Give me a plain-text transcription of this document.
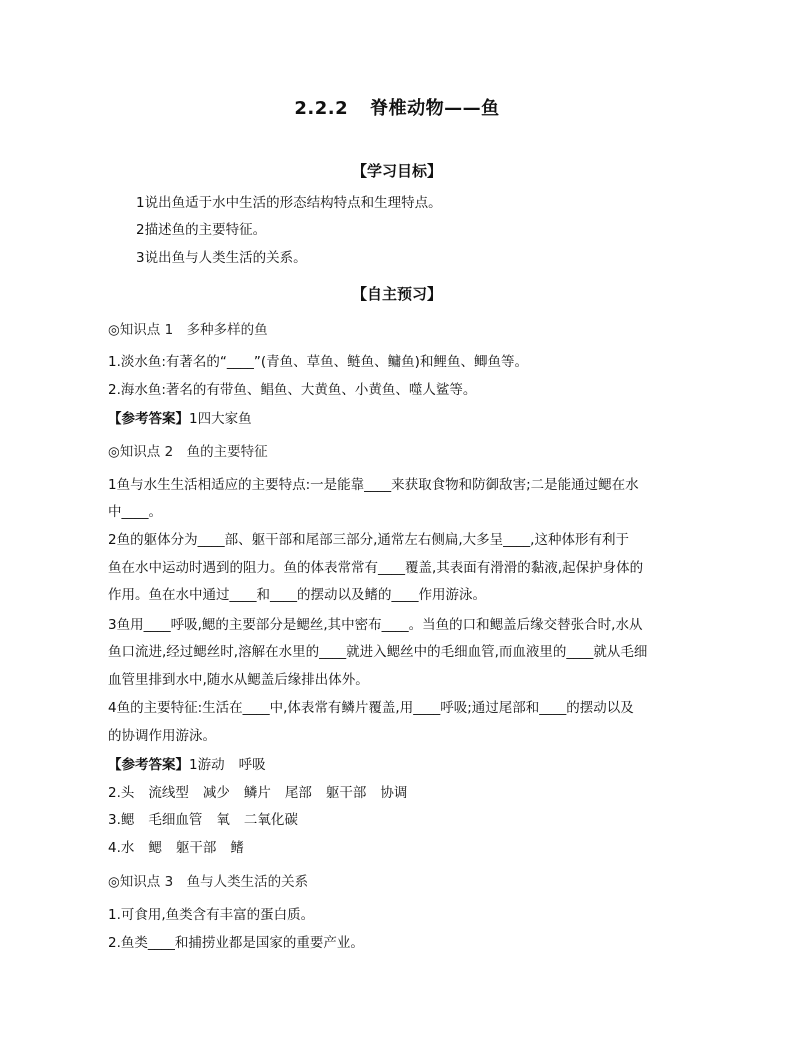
2.2.2 脊椎动物——鱼
【学习目标】
1说出鱼适于水中生活的形态结构特点和生理特点。
2描述鱼的主要特征。
3说出鱼与人类生活的关系。
【自主预习】
◎知识点 1　多种多样的鱼
1.淡水鱼:有著名的“____”(青鱼、草鱼、鲢鱼、鳙鱼)和鲤鱼、鲫鱼等。
2.海水鱼:著名的有带鱼、鲳鱼、大黄鱼、小黄鱼、噬人鲨等。
【参考答案】1四大家鱼
◎知识点 2　鱼的主要特征
1鱼与水生生活相适应的主要特点:一是能靠____来获取食物和防御敌害;二是能通过鳃在水
中____。
2鱼的躯体分为____部、躯干部和尾部三部分,通常左右侧扁,大多呈____,这种体形有利于
鱼在水中运动时遇到的阻力。鱼的体表常常有____覆盖,其表面有滑滑的黏液,起保护身体的
作用。鱼在水中通过____和____的摆动以及鳍的____作用游泳。
3鱼用____呼吸,鳃的主要部分是鳃丝,其中密布____。当鱼的口和鳃盖后缘交替张合时,水从
鱼口流进,经过鳃丝时,溶解在水里的____就进入鳃丝中的毛细血管,而血液里的____就从毛细
血管里排到水中,随水从鳃盖后缘排出体外。
4鱼的主要特征:生活在____中,体表常有鳞片覆盖,用____呼吸;通过尾部和____的摆动以及
的协调作用游泳。
【参考答案】1游动 呼吸
2.头 流线型 减少 鳞片 尾部 躯干部 协调
3.鳃 毛细血管 氧 二氧化碳
4.水 鳃 躯干部 鳍
◎知识点 3　鱼与人类生活的关系
1.可食用,鱼类含有丰富的蛋白质。
2.鱼类____和捕捞业都是国家的重要产业。
